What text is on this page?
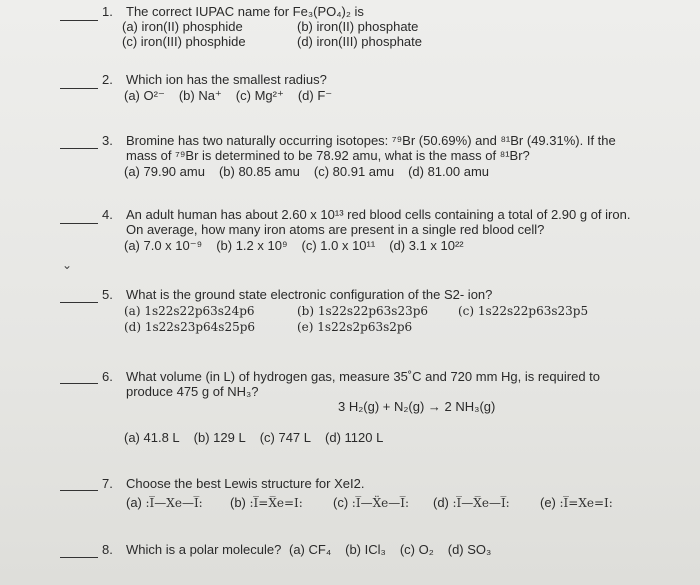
1. The correct IUPAC name for Fe₃(PO₄)₂ is
(a) iron(II) phosphide	(b) iron(II) phosphate
(c) iron(III) phosphide	(d) iron(III) phosphate
2. Which ion has the smallest radius?
(a) O²⁻ (b) Na⁺ (c) Mg²⁺ (d) F⁻
3. Bromine has two naturally occurring isotopes: ⁷⁹Br (50.69%) and ⁸¹Br (49.31%). If the
mass of ⁷⁹Br is determined to be 78.92 amu, what is the mass of ⁸¹Br?
(a) 79.90 amu (b) 80.85 amu (c) 80.91 amu (d) 81.00 amu
4. An adult human has about 2.60 x 10¹³ red blood cells containing a total of 2.90 g of iron.
On average, how many iron atoms are present in a single red blood cell?
(a) 7.0 x 10⁻⁹ (b) 1.2 x 10⁹ (c) 1.0 x 10¹¹ (d) 3.1 x 10²²
⌄
5. What is the ground state electronic configuration of the S2- ion?
(a) 1s22s22p63s24p6	(b) 1s22s22p63s23p6 (c) 1s22s22p63s23p5
(d) 1s22s23p64s25p6	(e) 1s22s2p63s2p6
6. What volume (in L) of hydrogen gas, measure 35˚C and 720 mm Hg, is required to
produce 475 g of NH₃?
3 H₂(g) + N₂(g) → 2 NH₃(g)
(a) 41.8 L (b) 129 L (c) 747 L (d) 1120 L
7. Choose the best Lewis structure for XeI2.
(a) :I̅—Xe—I̅: (b) :I̅=X̅e=I: (c) :I̅—Ẍe—I̅: (d) :I̅—X̅e—I̅: (e) :I̅=Xe=I:
8. Which is a polar molecule? (a) CF₄ (b) ICl₃ (c) O₂ (d) SO₃
